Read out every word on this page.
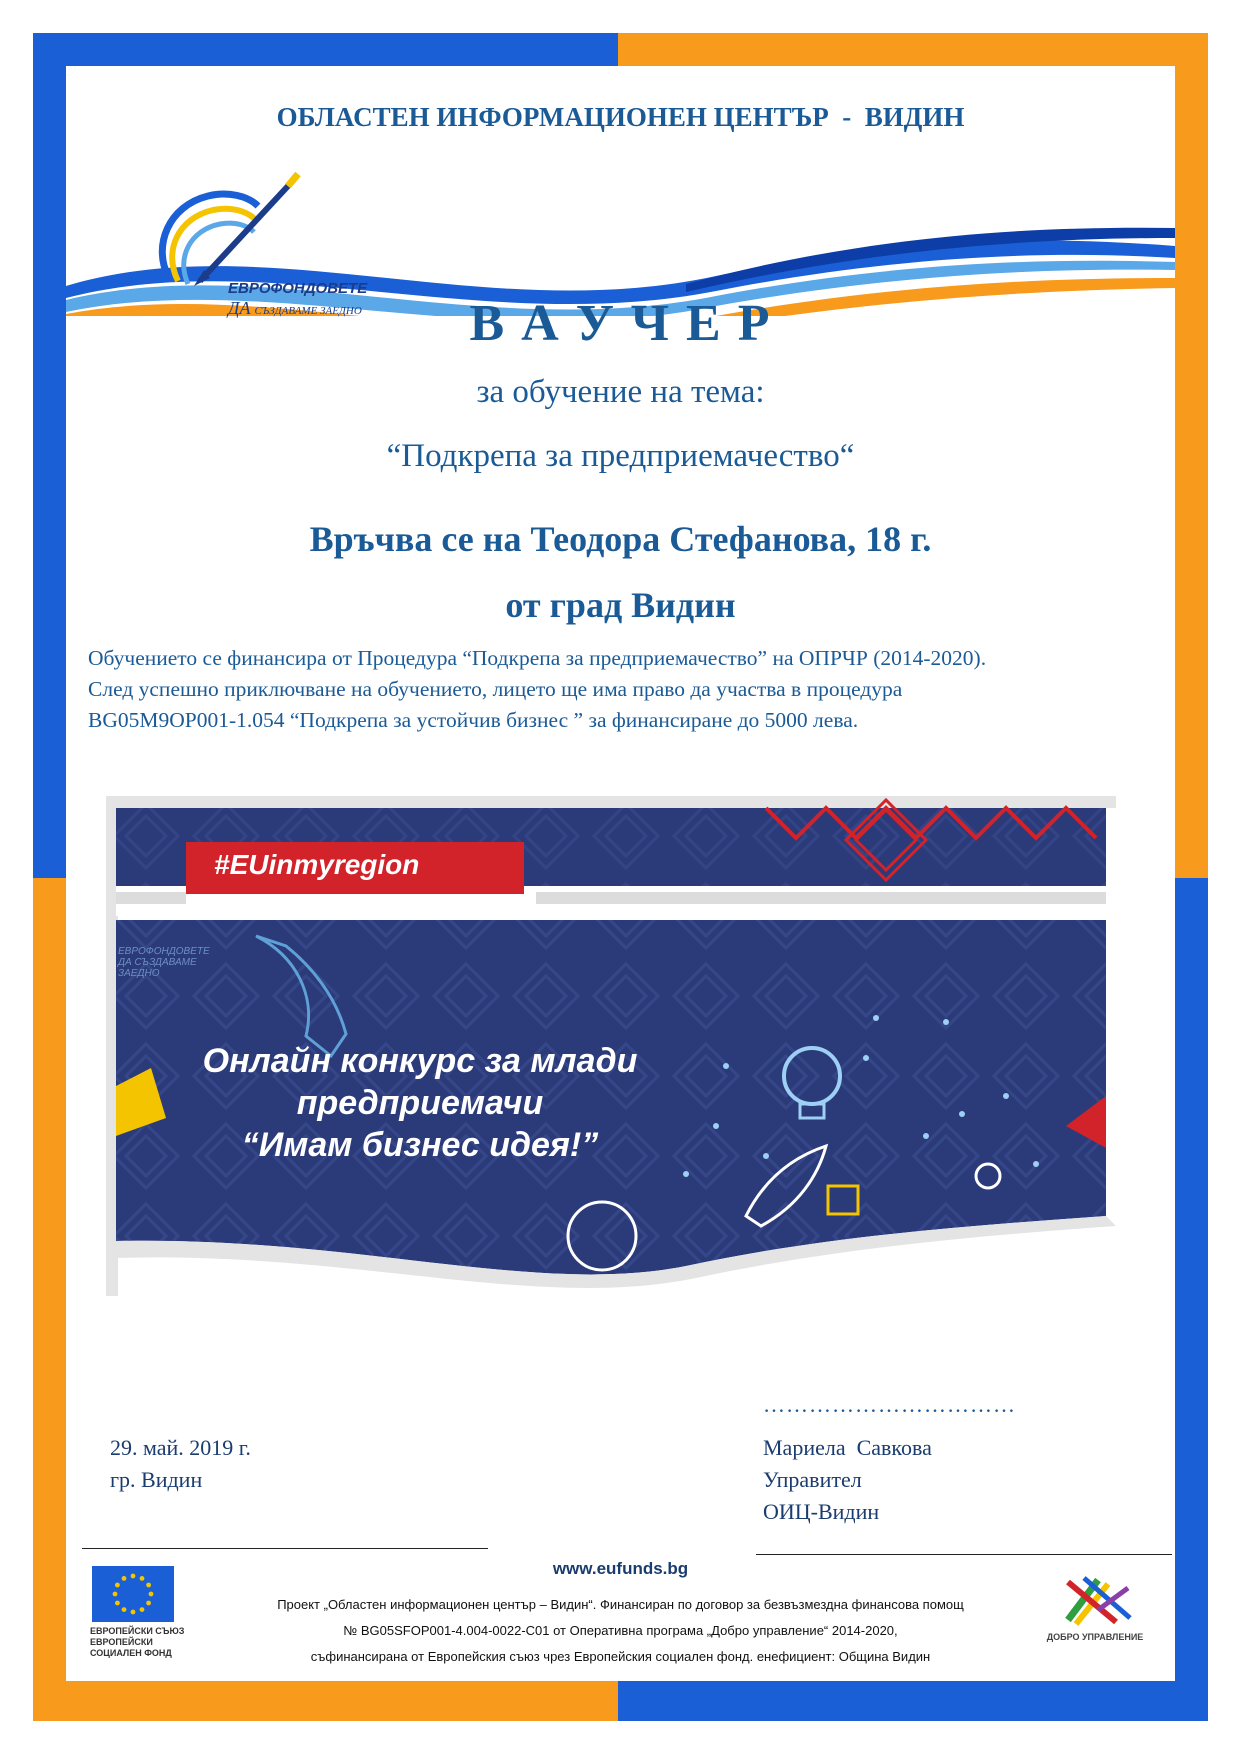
ОБЛАСТЕН ИНФОРМАЦИОНЕН ЦЕНТЪР  -  ВИДИН
ЕВРОФОНДОВЕТЕ
ДА СЪЗДАВАМЕ ЗАЕДНО	В А У Ч Е Р
за обучение на тема:
“Подкрепа за предприемачество“
Връчва се на Теодора Стефанова, 18 г.
от град Видин
Обучението се финансира от Процедура “Подкрепа за предприемачество” на ОПРЧР (2014-2020).
След успешно приключване на обучението, лицето ще има право да участва в процедура
BG05M9OP001-1.054 “Подкрепа за устойчив бизнес ” за финансиране до 5000 лева.
#EUinmyregion
ЕВРОФОНДОВЕТЕ
ДА СЪЗДАВАМЕ ЗАЕДНО
Онлайн конкурс за млади
предприемачи
“Имам бизнес идея!”
……………………………
29. май. 2019 г.
гр. Видин
Мариела  Савкова
Управител
ОИЦ-Видин
www.eufunds.bg
Проект „Областен информационен център – Видин“. Финансиран по договор за безвъзмездна финансова помощ
№ BG05SFOP001-4.004-0022-C01 от Оперативна програма „Добро управление“ 2014-2020,
съфинансирана от Европейския съюз чрез Европейския социален фонд. енефициент: Община Видин
ЕВРОПЕЙСКИ СЪЮЗ
ЕВРОПЕЙСКИ
СОЦИАЛЕН ФОНД
ДОБРО УПРАВЛЕНИЕ
